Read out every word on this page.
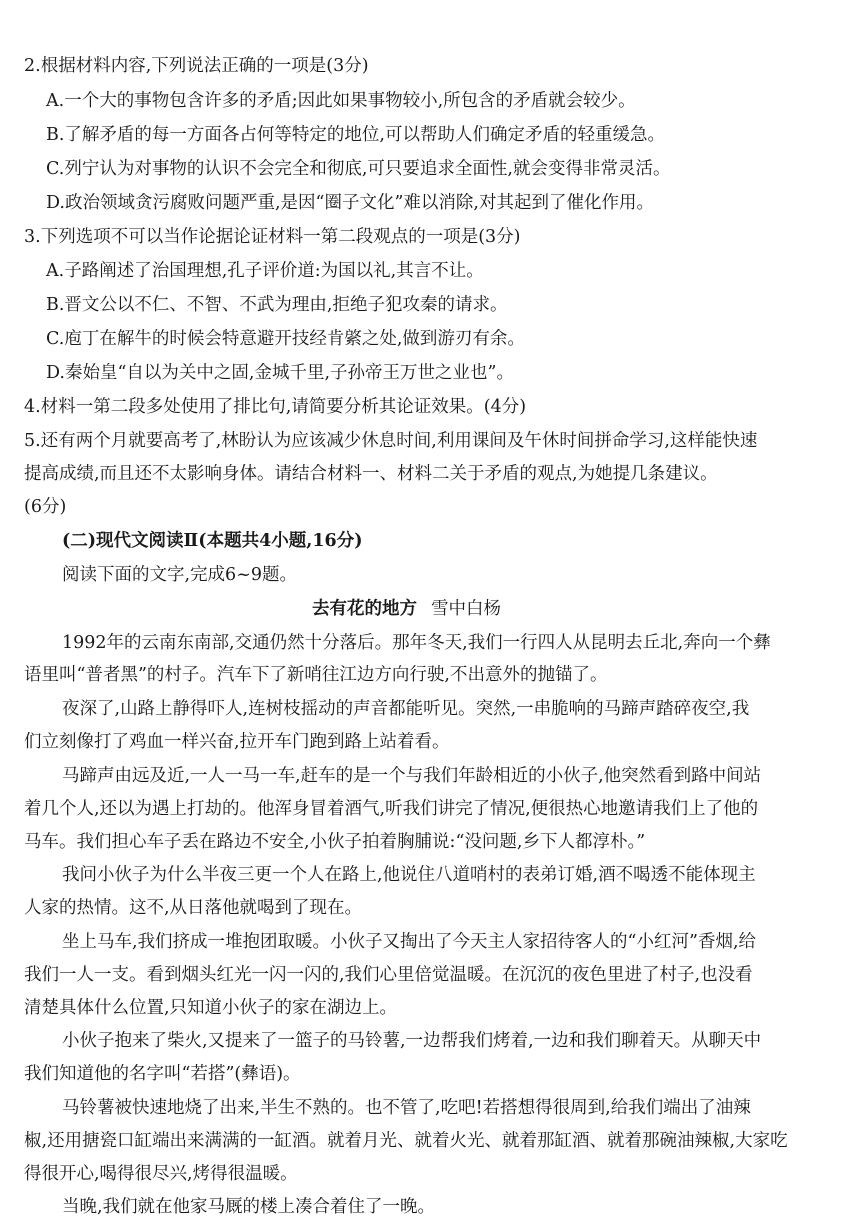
2.根据材料内容,下列说法正确的一项是(3分)
A.一个大的事物包含许多的矛盾;因此如果事物较小,所包含的矛盾就会较少。
B.了解矛盾的每一方面各占何等特定的地位,可以帮助人们确定矛盾的轻重缓急。
C.列宁认为对事物的认识不会完全和彻底,可只要追求全面性,就会变得非常灵活。
D.政治领域贪污腐败问题严重,是因“圈子文化”难以消除,对其起到了催化作用。
3.下列选项不可以当作论据论证材料一第二段观点的一项是(3分)
A.子路阐述了治国理想,孔子评价道:为国以礼,其言不让。
B.晋文公以不仁、不智、不武为理由,拒绝子犯攻秦的请求。
C.庖丁在解牛的时候会特意避开技经肯綮之处,做到游刃有余。
D.秦始皇“自以为关中之固,金城千里,子孙帝王万世之业也”。
4.材料一第二段多处使用了排比句,请简要分析其论证效果。(4分)
5.还有两个月就要高考了,林盼认为应该减少休息时间,利用课间及午休时间拼命学习,这样能快速
提高成绩,而且还不太影响身体。请结合材料一、材料二关于矛盾的观点,为她提几条建议。
(6分)
(二)现代文阅读Ⅱ(本题共4小题,16分)
阅读下面的文字,完成6~9题。
去有花的地方 雪中白杨
1992年的云南东南部,交通仍然十分落后。那年冬天,我们一行四人从昆明去丘北,奔向一个彝
语里叫“普者黑”的村子。汽车下了新哨往江边方向行驶,不出意外的抛锚了。
夜深了,山路上静得吓人,连树枝摇动的声音都能听见。突然,一串脆响的马蹄声踏碎夜空,我
们立刻像打了鸡血一样兴奋,拉开车门跑到路上站着看。
马蹄声由远及近,一人一马一车,赶车的是一个与我们年龄相近的小伙子,他突然看到路中间站
着几个人,还以为遇上打劫的。他浑身冒着酒气,听我们讲完了情况,便很热心地邀请我们上了他的
马车。我们担心车子丢在路边不安全,小伙子拍着胸脯说:“没问题,乡下人都淳朴。”
我问小伙子为什么半夜三更一个人在路上,他说住八道哨村的表弟订婚,酒不喝透不能体现主
人家的热情。这不,从日落他就喝到了现在。
坐上马车,我们挤成一堆抱团取暖。小伙子又掏出了今天主人家招待客人的“小红河”香烟,给
我们一人一支。看到烟头红光一闪一闪的,我们心里倍觉温暖。在沉沉的夜色里进了村子,也没看
清楚具体什么位置,只知道小伙子的家在湖边上。
小伙子抱来了柴火,又提来了一篮子的马铃薯,一边帮我们烤着,一边和我们聊着天。从聊天中
我们知道他的名字叫“若搭”(彝语)。
马铃薯被快速地烧了出来,半生不熟的。也不管了,吃吧!若搭想得很周到,给我们端出了油辣
椒,还用搪瓷口缸端出来满满的一缸酒。就着月光、就着火光、就着那缸酒、就着那碗油辣椒,大家吃
得很开心,喝得很尽兴,烤得很温暖。
当晚,我们就在他家马厩的楼上凑合着住了一晚。
